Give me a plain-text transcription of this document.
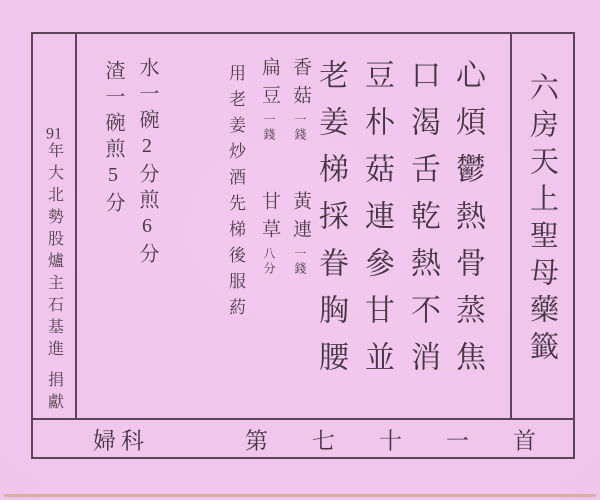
91年大北勢股爐主石基進捐獻
心煩鬱熱骨蒸焦
口渴舌乾熱不消
豆朴菇連參甘並
老姜梯採眷胸腰
香菇一錢
黃連一錢
扁豆一錢
甘草八分
用老姜炒酒先梯後服葯
水一碗2分煎6分
渣一碗煎5分	六房天上聖母藥籤
婦科	第七十一首
